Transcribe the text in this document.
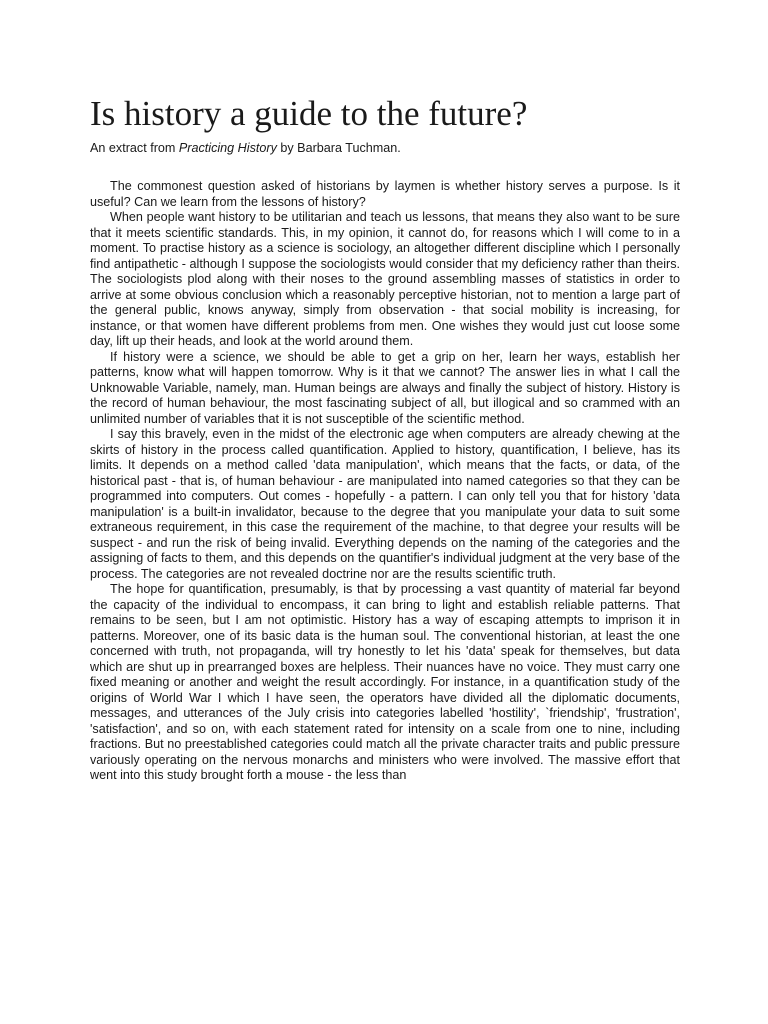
Is history a guide to the future?

An extract from Practicing History by Barbara Tuchman.

The commonest question asked of historians by laymen is whether history serves a purpose. Is it useful? Can we learn from the lessons of history?

When people want history to be utilitarian and teach us lessons, that means they also want to be sure that it meets scientific standards. This, in my opinion, it cannot do, for reasons which I will come to in a moment. To practise history as a science is sociology, an altogether different discipline which I personally find antipathetic - although I suppose the sociologists would consider that my deficiency rather than theirs. The sociologists plod along with their noses to the ground assembling masses of statistics in order to arrive at some obvious conclusion which a reasonably perceptive historian, not to mention a large part of the general public, knows anyway, simply from observation - that social mobility is increasing, for instance, or that women have different problems from men. One wishes they would just cut loose some day, lift up their heads, and look at the world around them.

If history were a science, we should be able to get a grip on her, learn her ways, establish her patterns, know what will happen tomorrow. Why is it that we cannot? The answer lies in what I call the Unknowable Variable, namely, man. Human beings are always and finally the subject of history. History is the record of human behaviour, the most fascinating subject of all, but illogical and so crammed with an unlimited number of variables that it is not susceptible of the scientific method.

I say this bravely, even in the midst of the electronic age when computers are already chewing at the skirts of history in the process called quantification. Applied to history, quantification, I believe, has its limits. It depends on a method called 'data manipulation', which means that the facts, or data, of the historical past - that is, of human behaviour - are manipulated into named categories so that they can be programmed into computers. Out comes - hopefully - a pattern. I can only tell you that for history 'data manipulation' is a built-in invalidator, because to the degree that you manipulate your data to suit some extraneous requirement, in this case the requirement of the machine, to that degree your results will be suspect - and run the risk of being invalid. Everything depends on the naming of the categories and the assigning of facts to them, and this depends on the quantifier's individual judgment at the very base of the process. The categories are not revealed doctrine nor are the results scientific truth.

The hope for quantification, presumably, is that by processing a vast quantity of material far beyond the capacity of the individual to encompass, it can bring to light and establish reliable patterns. That remains to be seen, but I am not optimistic. History has a way of escaping attempts to imprison it in patterns. Moreover, one of its basic data is the human soul. The conventional historian, at least the one concerned with truth, not propaganda, will try honestly to let his 'data' speak for themselves, but data which are shut up in prearranged boxes are helpless. Their nuances have no voice. They must carry one fixed meaning or another and weight the result accordingly. For instance, in a quantification study of the origins of World War I which I have seen, the operators have divided all the diplomatic documents, messages, and utterances of the July crisis into categories labelled 'hostility', `friendship', 'frustration', 'satisfaction', and so on, with each statement rated for intensity on a scale from one to nine, including fractions. But no preestablished categories could match all the private character traits and public pressure variously operating on the nervous monarchs and ministers who were involved. The massive effort that went into this study brought forth a mouse - the less than
